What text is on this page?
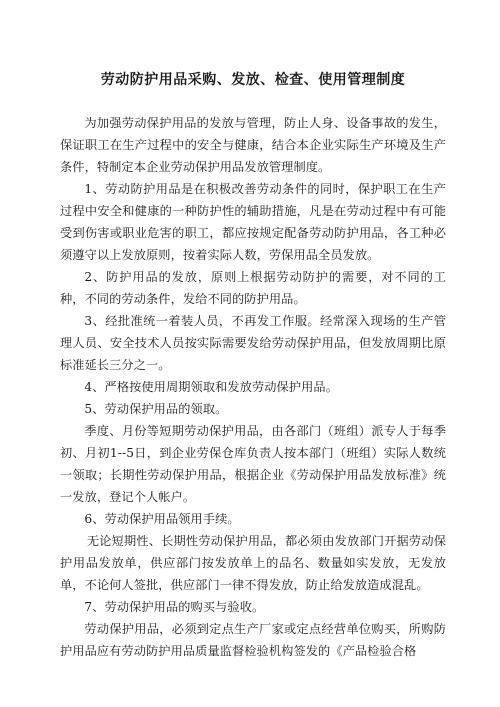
劳动防护用品采购、发放、检查、使用管理制度

为加强劳动保护用品的发放与管理，防止人身、设备事故的发生，保证职工在生产过程中的安全与健康，结合本企业实际生产环境及生产条件，特制定本企业劳动保护用品发放管理制度。

1、劳动防护用品是在积极改善劳动条件的同时，保护职工在生产过程中安全和健康的一种防护性的辅助措施，凡是在劳动过程中有可能受到伤害或职业危害的职工，都应按规定配备劳动防护用品，各工种必须遵守以上发放原则，按着实际人数，劳保用品全员发放。

2、防护用品的发放，原则上根据劳动防护的需要，对不同的工种，不同的劳动条件，发给不同的防护用品。

3、经批准统一着装人员，不再发工作服。经常深入现场的生产管理人员、安全技术人员按实际需要发给劳动保护用品，但发放周期比原标准延长三分之一。

4、严格按使用周期领取和发放劳动保护用品。

5、劳动保护用品的领取。

季度、月份等短期劳动保护用品，由各部门（班组）派专人于每季初、月初1--5日，到企业劳保仓库负责人按本部门（班组）实际人数统一领取；长期性劳动保护用品，根据企业《劳动保护用品发放标准》统一发放，登记个人帐户。

6、劳动保护用品领用手续。

无论短期性、长期性劳动保护用品，都必须由发放部门开据劳动保护用品发放单，供应部门按发放单上的品名、数量如实发放，无发放单，不论何人签批，供应部门一律不得发放，防止给发放造成混乱。

7、劳动保护用品的购买与验收。

劳动保护用品，必须到定点生产厂家或定点经营单位购买，所购防护用品应有劳动防护用品质量监督检验机构签发的《产品检验合格
